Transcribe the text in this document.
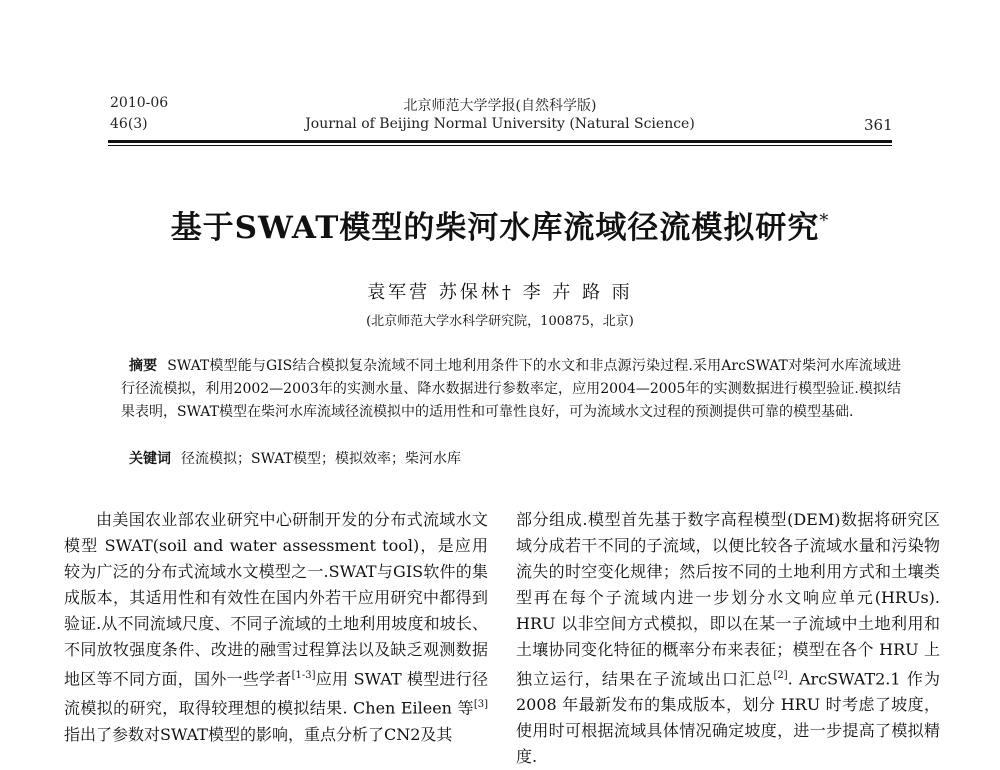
2010-06
46(3)
北京师范大学学报(自然科学版)
Journal of Beijing Normal University (Natural Science)	361
基于SWAT模型的柴河水库流域径流模拟研究*
袁军营 苏保林† 李 卉 路 雨
(北京师范大学水科学研究院，100875，北京)
摘要 SWAT模型能与GIS结合模拟复杂流域不同土地利用条件下的水文和非点源污染过程.采用ArcSWAT对柴河水库流域进行径流模拟，利用2002—2003年的实测水量、降水数据进行参数率定，应用2004—2005年的实测数据进行模型验证.模拟结果表明，SWAT模型在柴河水库流域径流模拟中的适用性和可靠性良好，可为流域水文过程的预测提供可靠的模型基础.
关键词 径流模拟；SWAT模型；模拟效率；柴河水库

由美国农业部农业研究中心研制开发的分布式流域水文模型 SWAT(soil and water assessment tool)，是应用较为广泛的分布式流域水文模型之一.SWAT与GIS软件的集成版本，其适用性和有效性在国内外若干应用研究中都得到验证.从不同流域尺度、不同子流域的土地利用坡度和坡长、不同放牧强度条件、改进的融雪过程算法以及缺乏观测数据地区等不同方面，国外一些学者[1-3]应用 SWAT 模型进行径流模拟的研究，取得较理想的模拟结果. Chen Eileen 等[3]指出了参数对SWAT模型的影响，重点分析了CN2及其

部分组成.模型首先基于数字高程模型(DEM)数据将研究区域分成若干不同的子流域，以便比较各子流域水量和污染物流失的时空变化规律；然后按不同的土地利用方式和土壤类型再在每个子流域内进一步划分水文响应单元(HRUs). HRU 以非空间方式模拟，即以在某一子流域中土地利用和土壤协同变化特征的概率分布来表征；模型在各个 HRU 上独立运行，结果在子流域出口汇总[2]. ArcSWAT2.1 作为 2008 年最新发布的集成版本，划分 HRU 时考虑了坡度，使用时可根据流域具体情况确定坡度，进一步提高了模拟精度.
